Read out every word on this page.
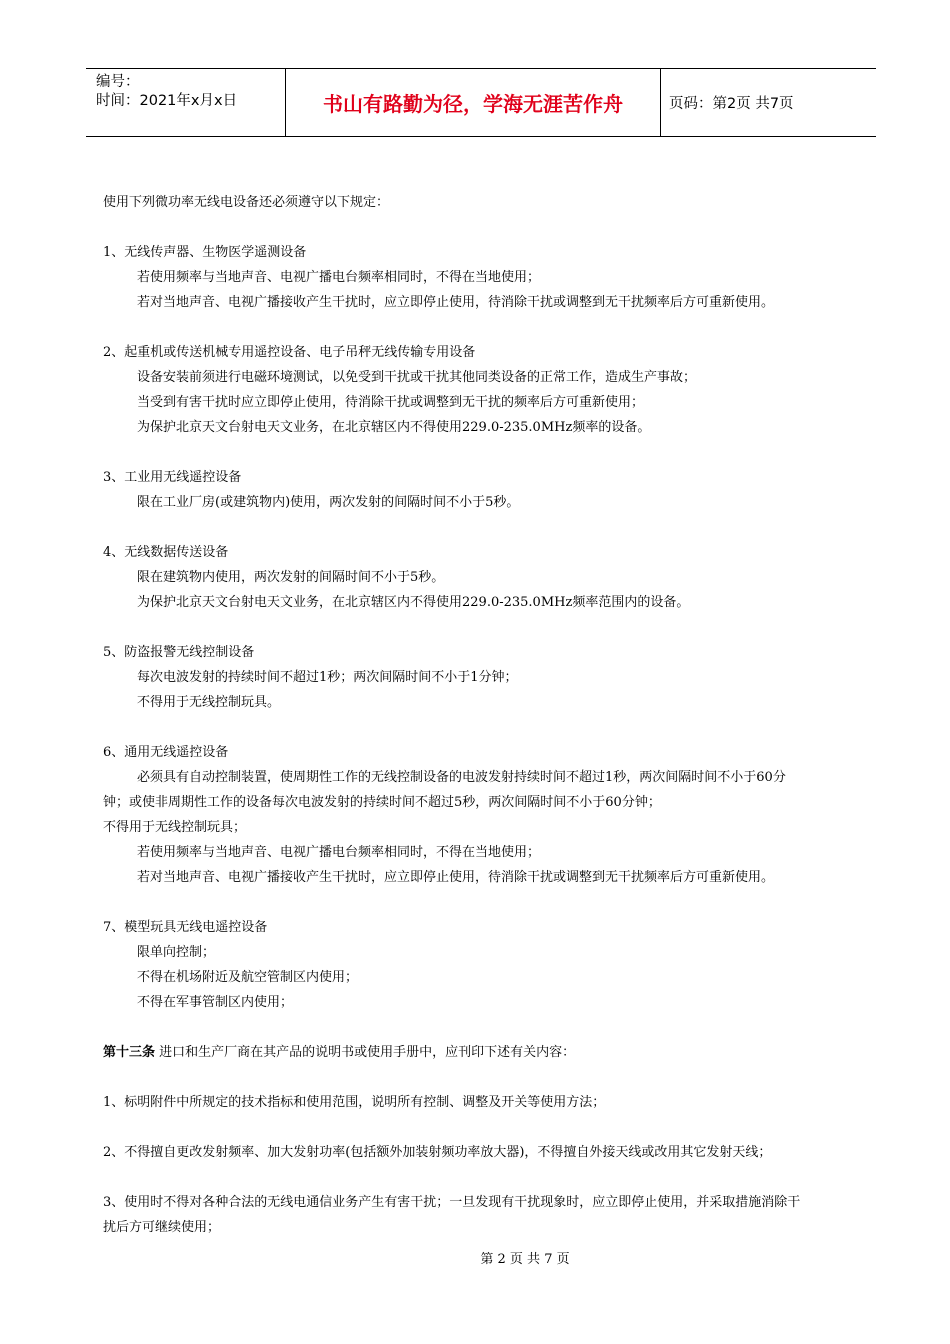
编号：
时间：2021年x月x日	书山有路勤为径，学海无涯苦作舟	页码：第2页 共7页
使用下列微功率无线电设备还必须遵守以下规定：
1、无线传声器、生物医学遥测设备
若使用频率与当地声音、电视广播电台频率相同时，不得在当地使用；
若对当地声音、电视广播接收产生干扰时，应立即停止使用，待消除干扰或调整到无干扰频率后方可重新使用。
2、起重机或传送机械专用遥控设备、电子吊秤无线传输专用设备
设备安装前须进行电磁环境测试，以免受到干扰或干扰其他同类设备的正常工作，造成生产事故；
当受到有害干扰时应立即停止使用，待消除干扰或调整到无干扰的频率后方可重新使用；
为保护北京天文台射电天文业务，在北京辖区内不得使用229.0-235.0MHz频率的设备。
3、工业用无线遥控设备
限在工业厂房(或建筑物内)使用，两次发射的间隔时间不小于5秒。
4、无线数据传送设备
限在建筑物内使用，两次发射的间隔时间不小于5秒。
为保护北京天文台射电天文业务，在北京辖区内不得使用229.0-235.0MHz频率范围内的设备。
5、防盗报警无线控制设备
每次电波发射的持续时间不超过1秒；两次间隔时间不小于1分钟；
不得用于无线控制玩具。
6、通用无线遥控设备
必须具有自动控制装置，使周期性工作的无线控制设备的电波发射持续时间不超过1秒，两次间隔时间不小于60分
钟；或使非周期性工作的设备每次电波发射的持续时间不超过5秒，两次间隔时间不小于60分钟；
不得用于无线控制玩具；
若使用频率与当地声音、电视广播电台频率相同时，不得在当地使用；
若对当地声音、电视广播接收产生干扰时，应立即停止使用，待消除干扰或调整到无干扰频率后方可重新使用。
7、模型玩具无线电遥控设备
限单向控制；
不得在机场附近及航空管制区内使用；
不得在军事管制区内使用；
第十三条 进口和生产厂商在其产品的说明书或使用手册中，应刊印下述有关内容：
1、标明附件中所规定的技术指标和使用范围，说明所有控制、调整及开关等使用方法；
2、不得擅自更改发射频率、加大发射功率(包括额外加装射频功率放大器)，不得擅自外接天线或改用其它发射天线；
3、使用时不得对各种合法的无线电通信业务产生有害干扰；一旦发现有干扰现象时，应立即停止使用，并采取措施消除干
扰后方可继续使用；
第 2 页 共 7 页
